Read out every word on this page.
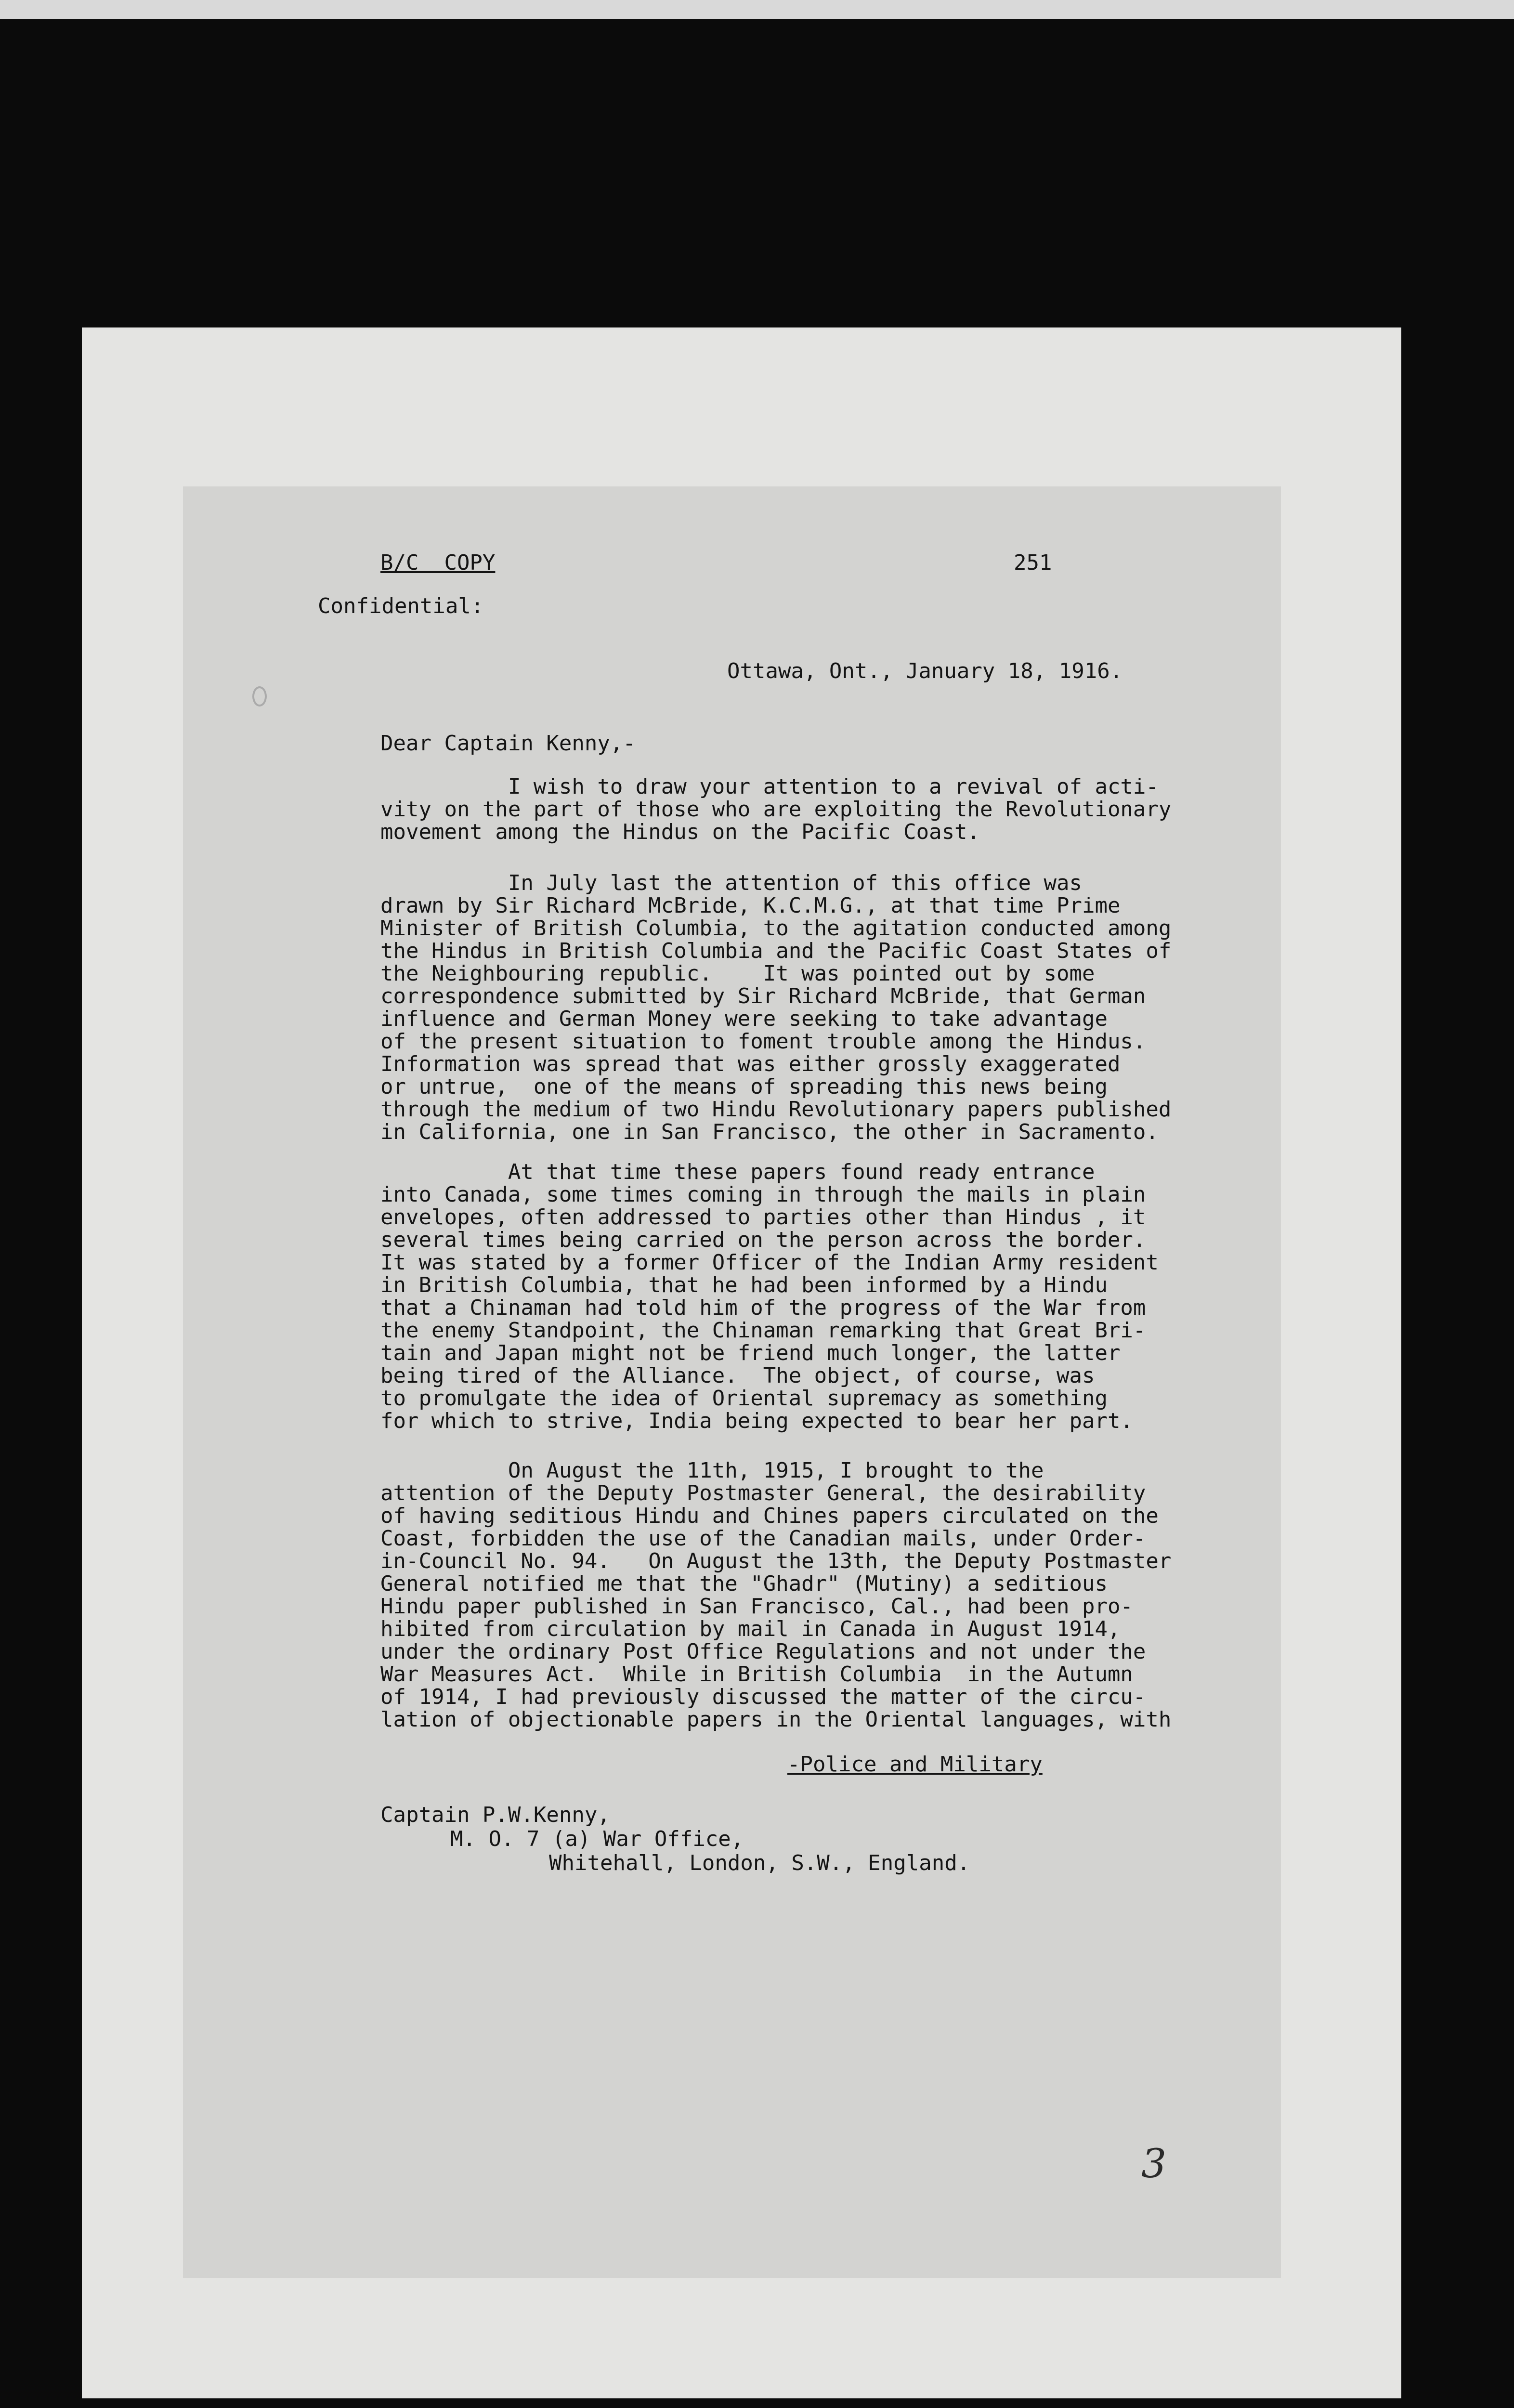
B/C  COPY	251
Confidential:
Ottawa, Ont., January 18, 1916.
Dear Captain Kenny,-
I wish to draw your attention to a revival of acti-
vity on the part of those who are exploiting the Revolutionary
movement among the Hindus on the Pacific Coast.
In July last the attention of this office was
drawn by Sir Richard McBride, K.C.M.G., at that time Prime
Minister of British Columbia, to the agitation conducted among
the Hindus in British Columbia and the Pacific Coast States of
the Neighbouring republic.    It was pointed out by some
correspondence submitted by Sir Richard McBride, that German
influence and German Money were seeking to take advantage
of the present situation to foment trouble among the Hindus.
Information was spread that was either grossly exaggerated
or untrue,  one of the means of spreading this news being
through the medium of two Hindu Revolutionary papers published
in California, one in San Francisco, the other in Sacramento.
At that time these papers found ready entrance
into Canada, some times coming in through the mails in plain
envelopes, often addressed to parties other than Hindus , it
several times being carried on the person across the border.
It was stated by a former Officer of the Indian Army resident
in British Columbia, that he had been informed by a Hindu
that a Chinaman had told him of the progress of the War from
the enemy Standpoint, the Chinaman remarking that Great Bri-
tain and Japan might not be friend much longer, the latter
being tired of the Alliance.  The object, of course, was
to promulgate the idea of Oriental supremacy as something
for which to strive, India being expected to bear her part.
On August the 11th, 1915, I brought to the
attention of the Deputy Postmaster General, the desirability
of having seditious Hindu and Chines papers circulated on the
Coast, forbidden the use of the Canadian mails, under Order-
in-Council No. 94.   On August the 13th, the Deputy Postmaster
General notified me that the "Ghadr" (Mutiny) a seditious
Hindu paper published in San Francisco, Cal., had been pro-
hibited from circulation by mail in Canada in August 1914,
under the ordinary Post Office Regulations and not under the
War Measures Act.  While in British Columbia  in the Autumn
of 1914, I had previously discussed the matter of the circu-
lation of objectionable papers in the Oriental languages, with
-Police and Military
Captain P.W.Kenny,
M. O. 7 (a) War Office,
Whitehall, London, S.W., England.
3
